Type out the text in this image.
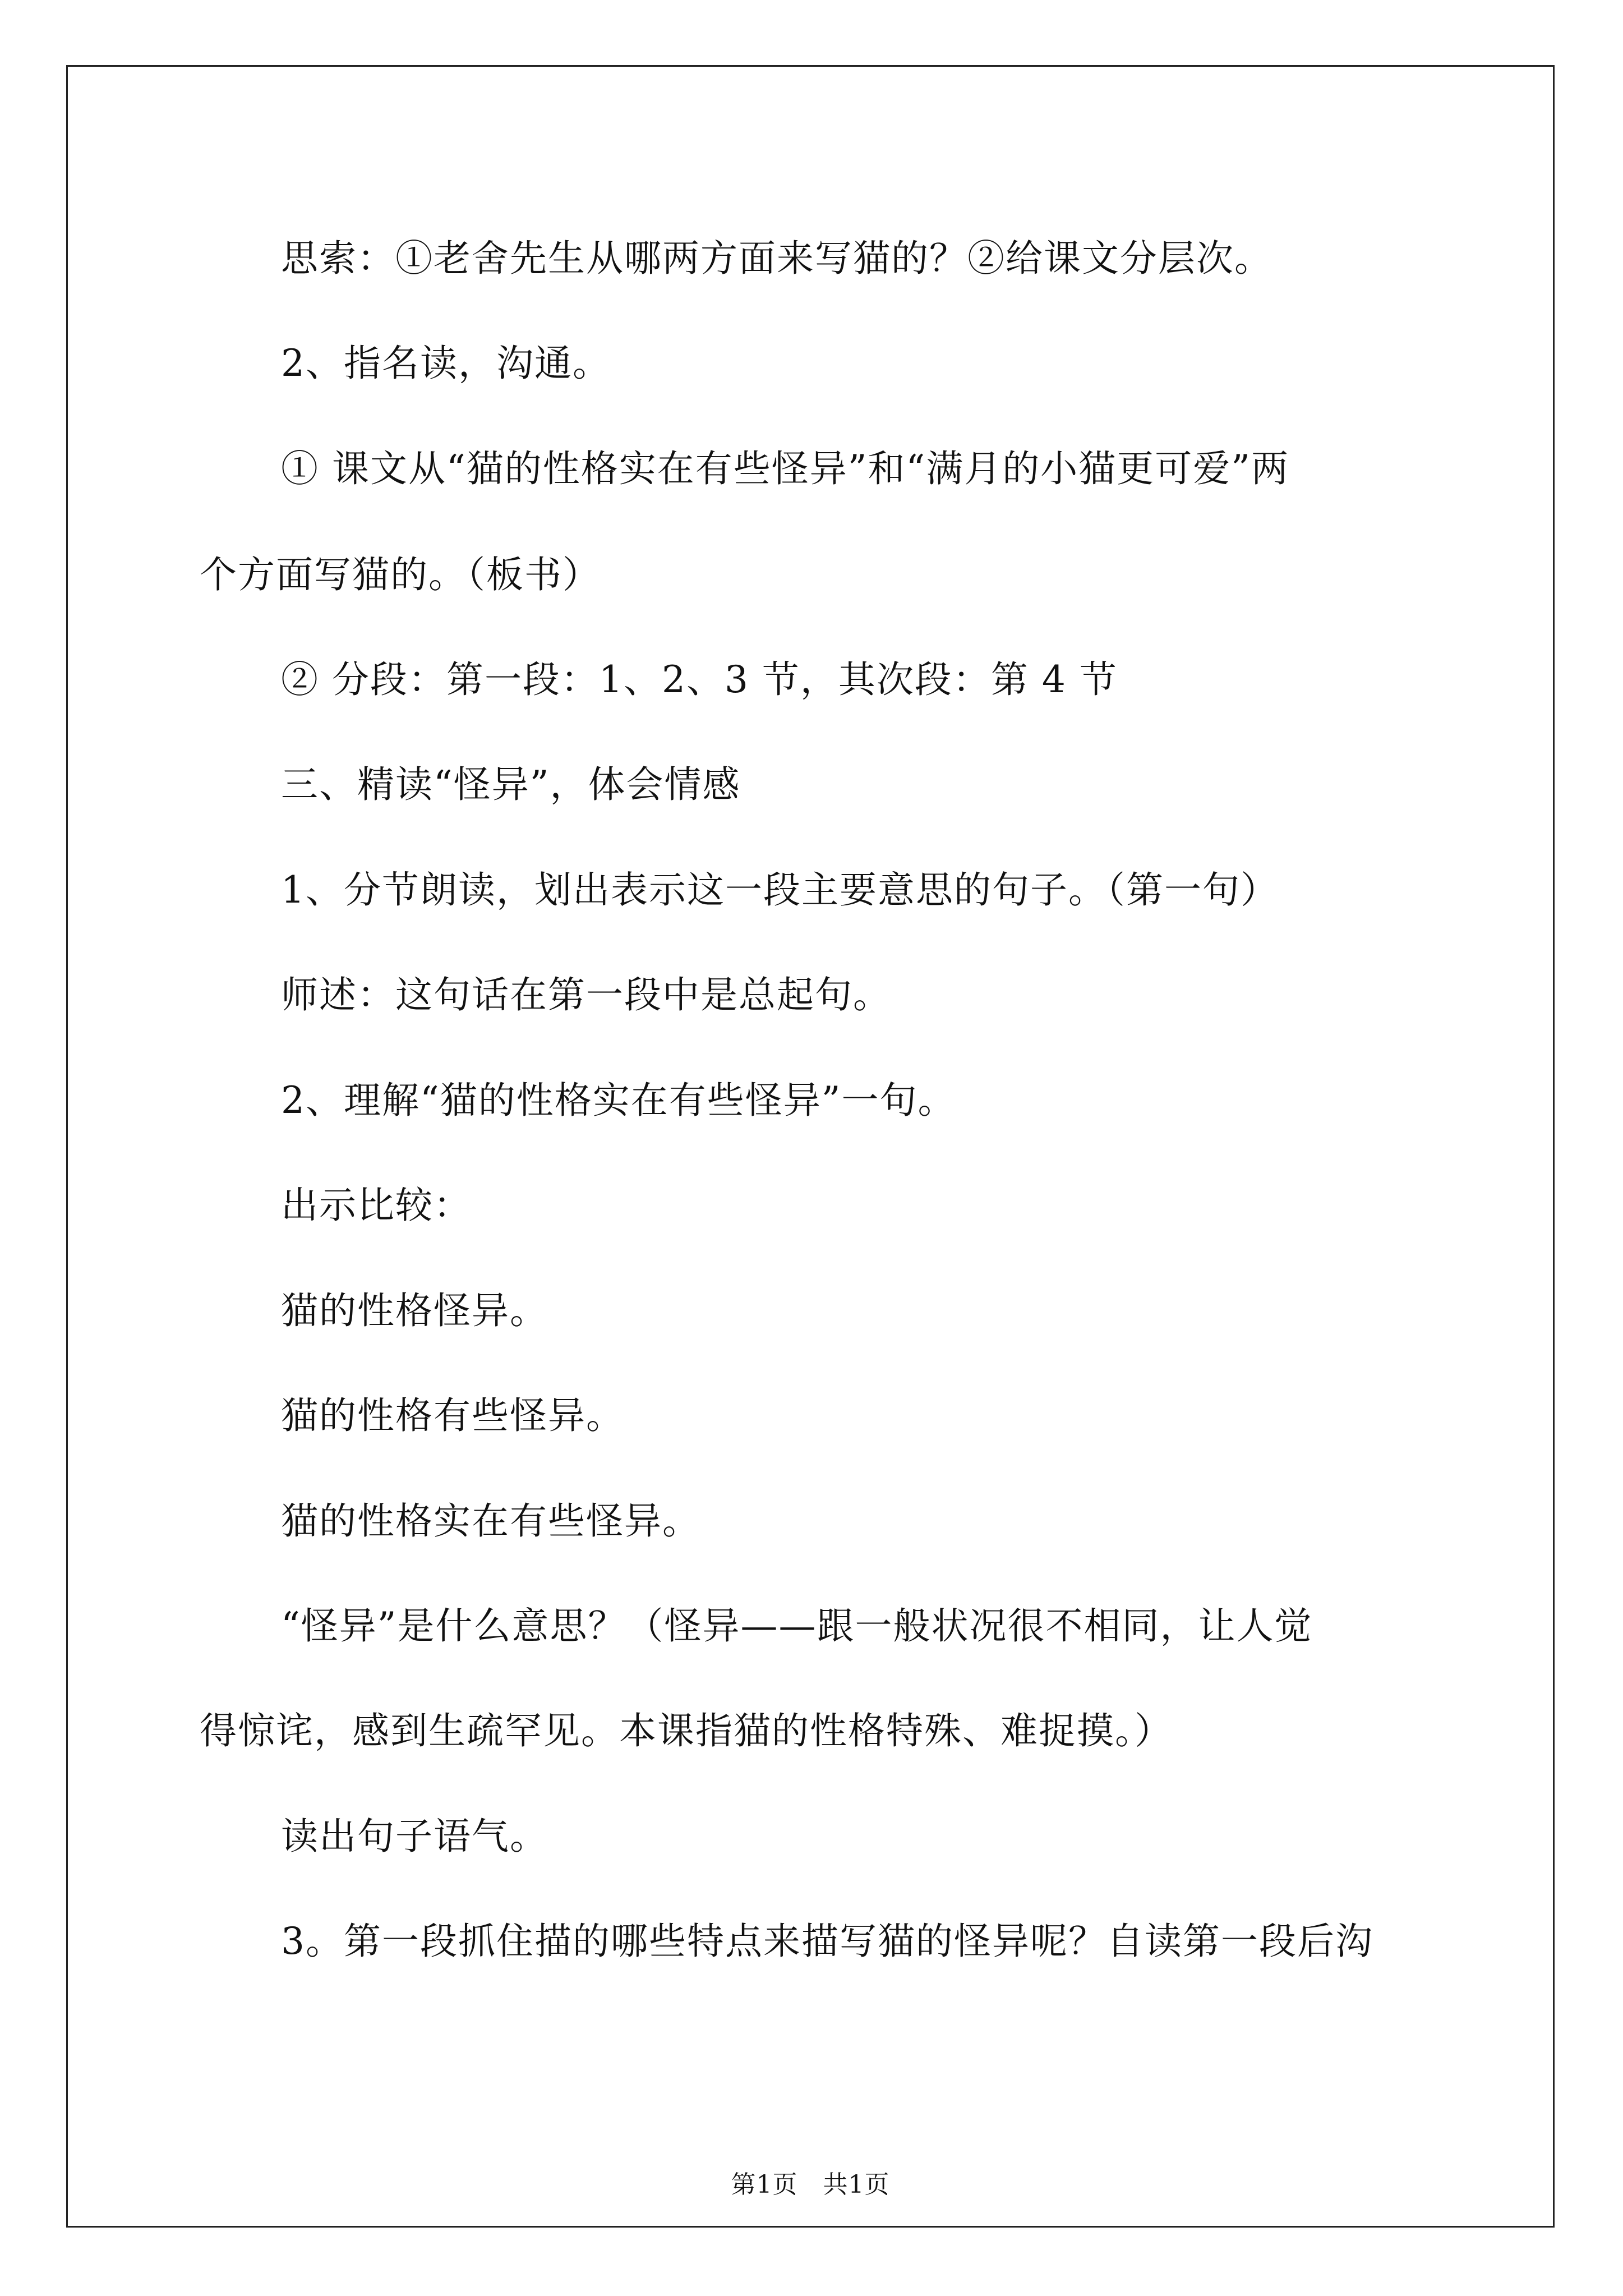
思索：①老舍先生从哪两方面来写猫的？②给课文分层次。
2、指名读，沟通。
① 课文从“猫的性格实在有些怪异”和“满月的小猫更可爱”两
个方面写猫的。（板书）
② 分段：第一段：1、2、3 节，其次段：第 4 节
三、精读“怪异”，体会情感
1、分节朗读，划出表示这一段主要意思的句子。（第一句）
师述：这句话在第一段中是总起句。
2、理解“猫的性格实在有些怪异”一句。
出示比较：
猫的性格怪异。
猫的性格有些怪异。
猫的性格实在有些怪异。
“怪异”是什么意思？（怪异——跟一般状况很不相同，让人觉
得惊诧，感到生疏罕见。本课指猫的性格特殊、难捉摸。）
读出句子语气。
3。第一段抓住描的哪些特点来描写猫的怪异呢？自读第一段后沟
第1页　共1页
